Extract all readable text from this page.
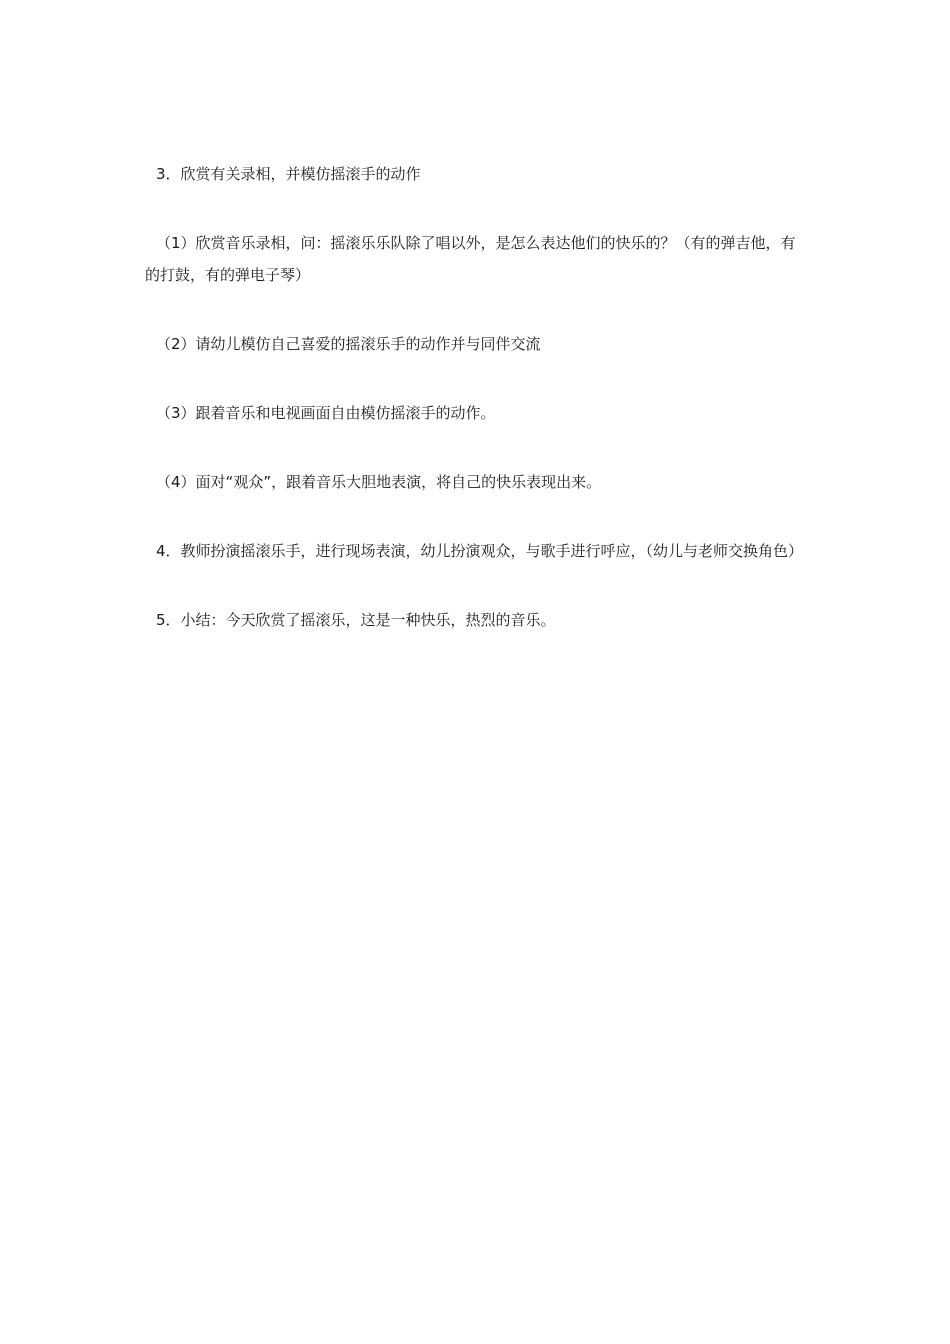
3．欣赏有关录相，并模仿摇滚手的动作

（1）欣赏音乐录相，问：摇滚乐乐队除了唱以外，是怎么表达他们的快乐的？（有的弹吉他，有的打鼓，有的弹电子琴）

（2）请幼儿模仿自己喜爱的摇滚乐手的动作并与同伴交流

（3）跟着音乐和电视画面自由模仿摇滚手的动作。

（4）面对“观众”，跟着音乐大胆地表演，将自己的快乐表现出来。

4．教师扮演摇滚乐手，进行现场表演，幼儿扮演观众，与歌手进行呼应，（幼儿与老师交换角色）

5．小结：今天欣赏了摇滚乐，这是一种快乐，热烈的音乐。
